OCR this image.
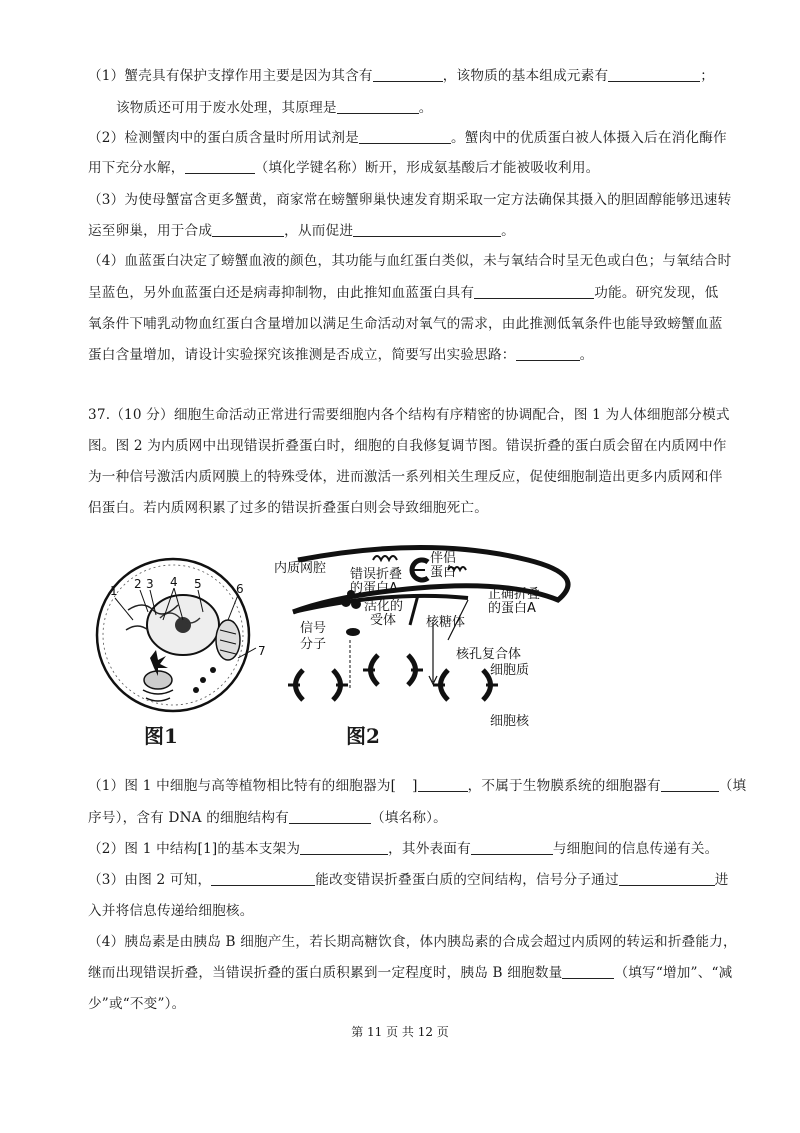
（1）蟹壳具有保护支撑作用主要是因为其含有	，该物质的基本组成元素有	；
该物质还可用于废水处理，其原理是	。
（2）检测蟹肉中的蛋白质含量时所用试剂是	。蟹肉中的优质蛋白被人体摄入后在消化酶作
用下充分水解，	（填化学键名称）断开，形成氨基酸后才能被吸收利用。
（3）为使母蟹富含更多蟹黄，商家常在螃蟹卵巢快速发育期采取一定方法确保其摄入的胆固醇能够迅速转
运至卵巢，用于合成	，从而促进	。
（4）血蓝蛋白决定了螃蟹血液的颜色，其功能与血红蛋白类似，未与氧结合时呈无色或白色；与氧结合时
呈蓝色，另外血蓝蛋白还是病毒抑制物，由此推知血蓝蛋白具有	功能。研究发现，低
氧条件下哺乳动物血红蛋白含量增加以满足生命活动对氧气的需求，由此推测低氧条件也能导致螃蟹血蓝
蛋白含量增加，请设计实验探究该推测是否成立，简要写出实验思路：	。
37.（10 分）细胞生命活动正常进行需要细胞内各个结构有序精密的协调配合，图 1 为人体细胞部分模式
图。图 2 为内质网中出现错误折叠蛋白时，细胞的自我修复调节图。错误折叠的蛋白质会留在内质网中作
为一种信号激活内质网膜上的特殊受体，进而激活一系列相关生理反应，促使细胞制造出更多内质网和伴
侣蛋白。若内质网积累了过多的错误折叠蛋白则会导致细胞死亡。
1 2 3 4 5	6
7
内质网腔 错误折叠
的蛋白A
伴侣
蛋白
正确折叠
的蛋白A
活化的
受体 核糖体
信号
分子
核孔复合体
细胞质
细胞核
图1	图2
（1）图 1 中细胞与高等植物相比特有的细胞器为[ ]	，不属于生物膜系统的细胞器有	（填
序号），含有 DNA 的细胞结构有	（填名称）。
（2）图 1 中结构[1]的基本支架为	，其外表面有	与细胞间的信息传递有关。
（3）由图 2 可知，	能改变错误折叠蛋白质的空间结构，信号分子通过	进
入并将信息传递给细胞核。
（4）胰岛素是由胰岛 B 细胞产生，若长期高糖饮食，体内胰岛素的合成会超过内质网的转运和折叠能力，
继而出现错误折叠，当错误折叠的蛋白质积累到一定程度时，胰岛 B 细胞数量	（填写“增加”、“减
少”或“不变”）。
第 11 页 共 12 页
